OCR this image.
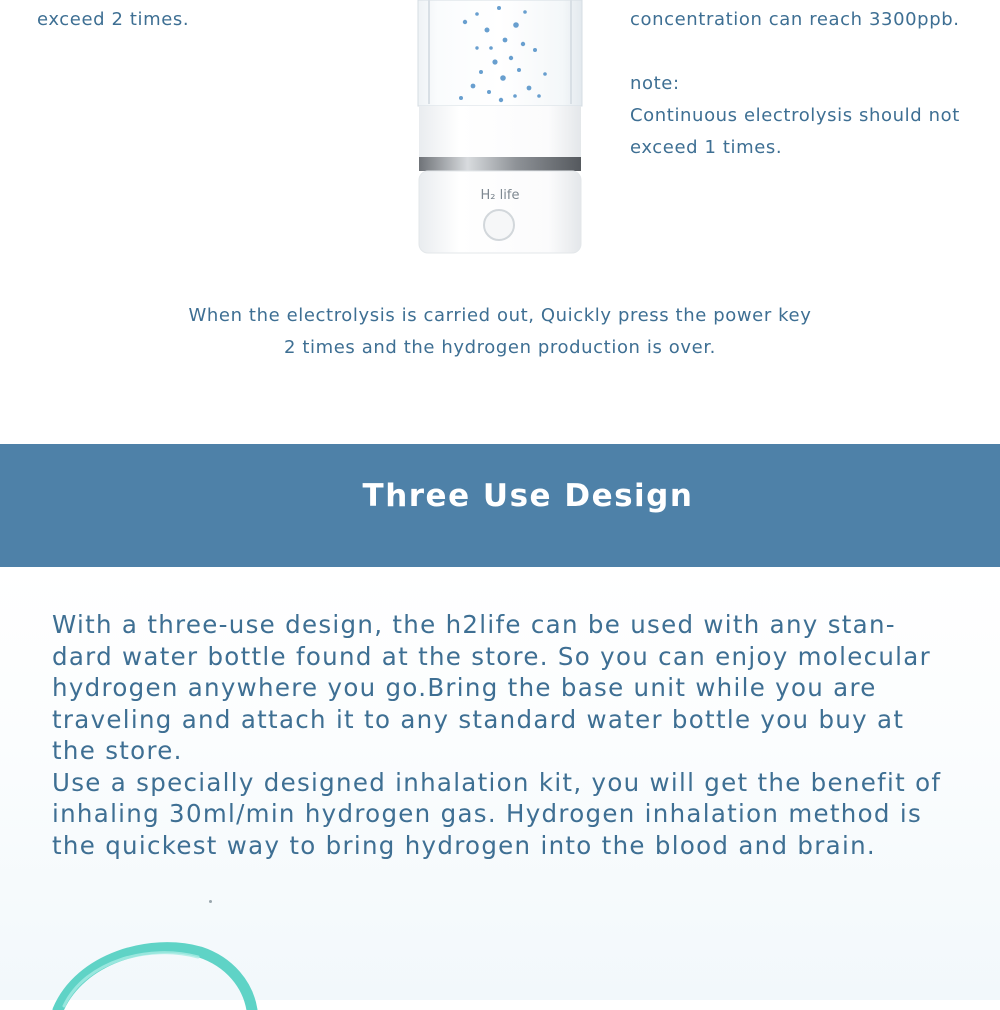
exceed 2 times.	concentration can reach 3300ppb.

note:

Continuous electrolysis should not

exceed 1 times.

H₂ life

When the electrolysis is carried out, Quickly press the power key

2 times and the hydrogen production is over.

Three Use Design

With a three-use design, the h2life can be used with any stan-

dard water bottle found at the store. So you can enjoy molecular

hydrogen anywhere you go.Bring the base unit while you are

traveling and attach it to any standard water bottle you buy at

the store.

Use a specially designed inhalation kit, you will get the benefit of

inhaling 30ml/min hydrogen gas. Hydrogen inhalation method is

the quickest way to bring hydrogen into the blood and brain.
